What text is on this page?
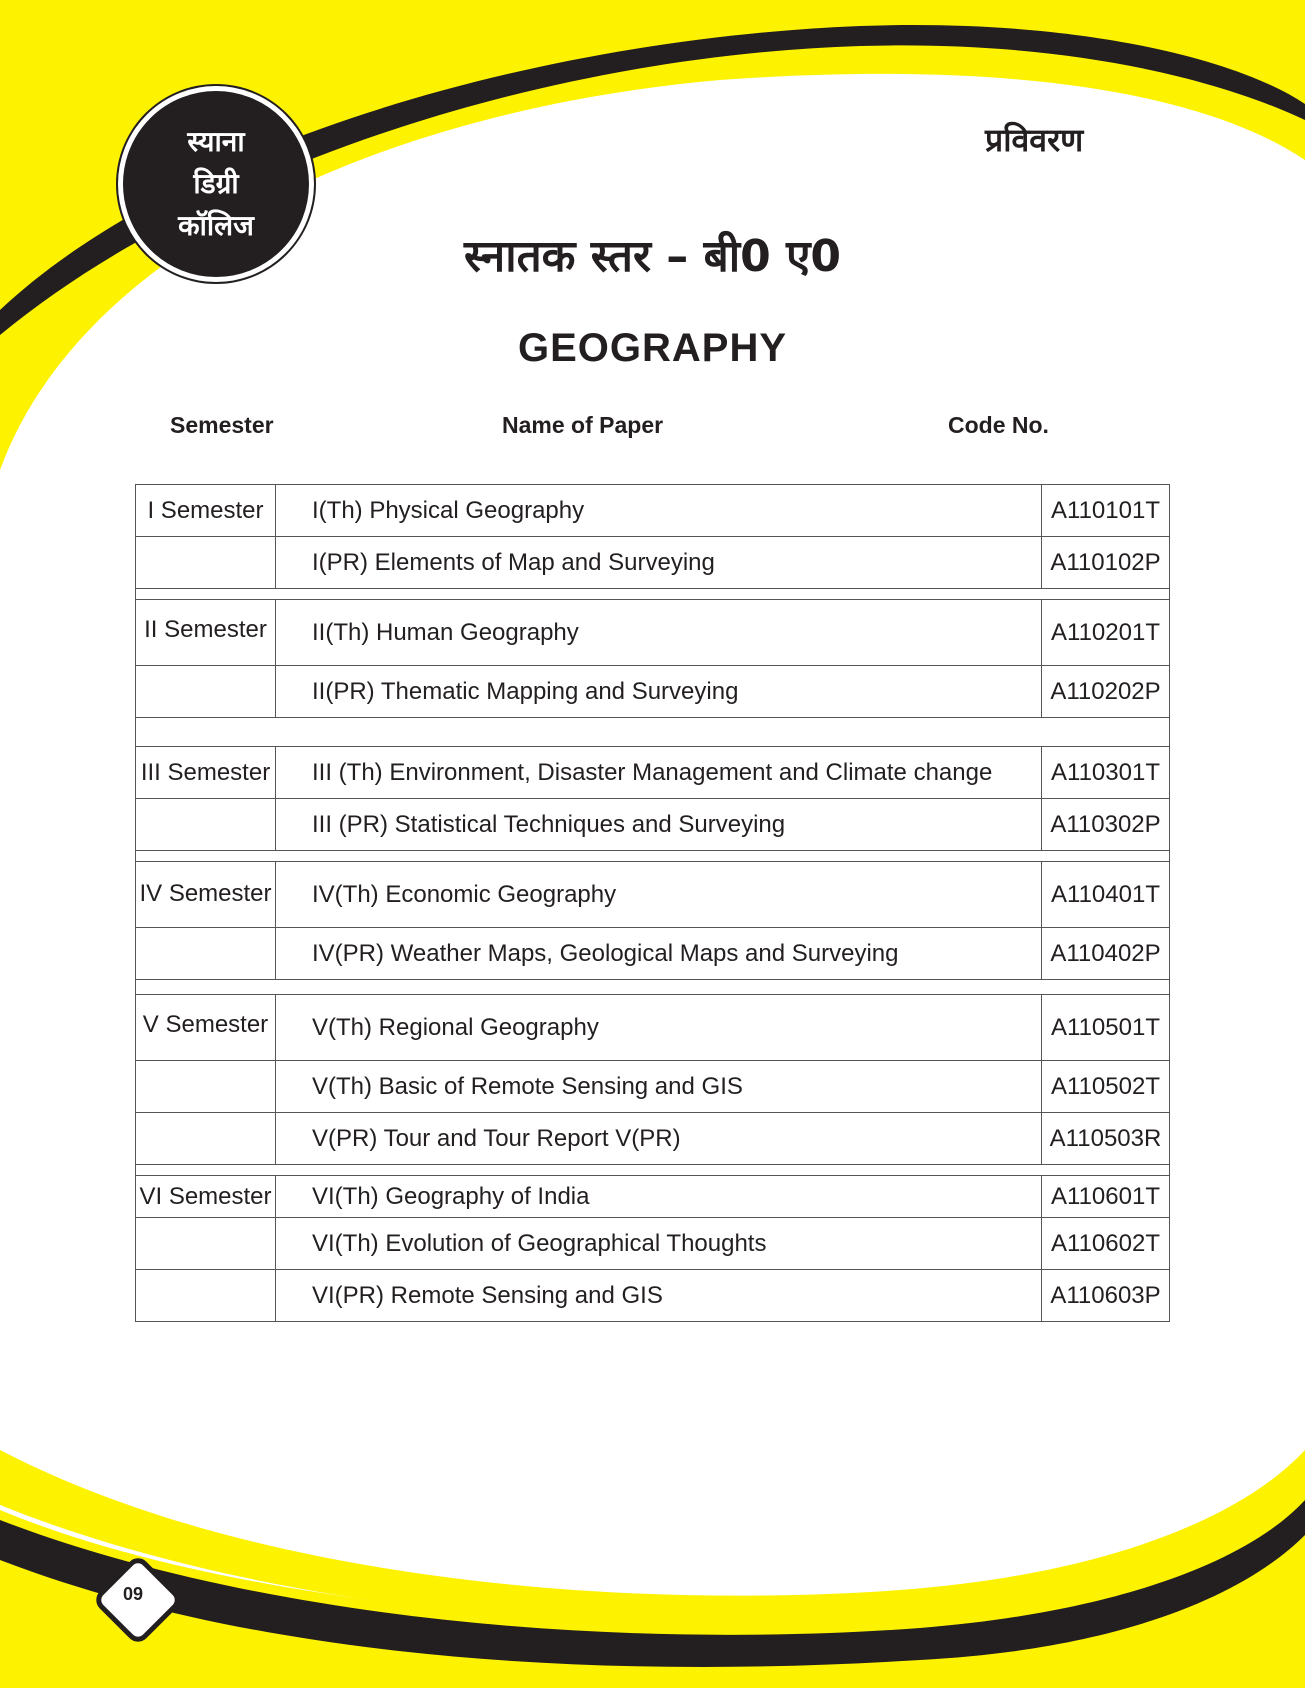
स्याना
डिग्री
कॉलिज
प्रविवरण
स्नातक स्तर – बी0 ए0
GEOGRAPHY
Semester	Name of Paper	Code No.
I Semester	I(Th) Physical Geography	A110101T
	I(PR) Elements of Map and Surveying	A110102P

II Semester	II(Th) Human Geography	A110201T
	II(PR) Thematic Mapping and Surveying	A110202P

III Semester	III (Th) Environment, Disaster Management and Climate change	A110301T
	III (PR) Statistical Techniques and Surveying	A110302P

IV Semester	IV(Th) Economic Geography	A110401T
	IV(PR) Weather Maps, Geological Maps and Surveying	A110402P

V Semester	V(Th) Regional Geography	A110501T
	V(Th) Basic of Remote Sensing and GIS	A110502T
	V(PR) Tour and Tour Report V(PR)	A110503R

VI Semester	VI(Th) Geography of India	A110601T
	VI(Th) Evolution of Geographical Thoughts	A110602T
	VI(PR) Remote Sensing and GIS	A110603P
09
